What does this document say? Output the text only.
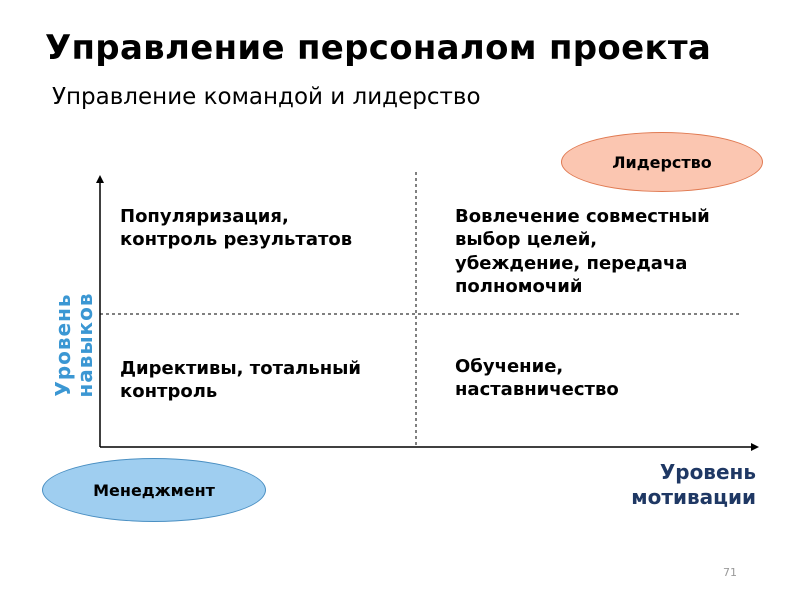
Управление персоналом проекта
Управление командой и лидерство
Популяризация,
контроль результатов
Вовлечение совместный
выбор целей,
убеждение, передача
полномочий
Директивы, тотальный
контроль
Обучение,
наставничество
Уровень
навыков
Уровень
мотивации
Лидерство
Менеджмент
71
